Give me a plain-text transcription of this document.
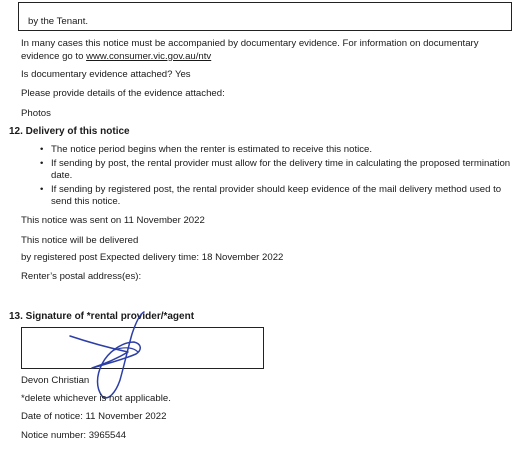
by the Tenant.
In many cases this notice must be accompanied by documentary evidence. For information on documentary
evidence go to www.consumer.vic.gov.au/ntv
Is documentary evidence attached? Yes
Please provide details of the evidence attached:
Photos
12. Delivery of this notice
• The notice period begins when the renter is estimated to receive this notice.
• If sending by post, the rental provider must allow for the delivery time in calculating the proposed termination date.
• If sending by registered post, the rental provider should keep evidence of the mail delivery method used to send this notice.
This notice was sent on 11 November 2022
This notice will be delivered
by registered post Expected delivery time: 18 November 2022
Renter’s postal address(es):
13. Signature of *rental provider/*agent
Devon Christian
*delete whichever is not applicable.
Date of notice: 11 November 2022
Notice number: 3965544
